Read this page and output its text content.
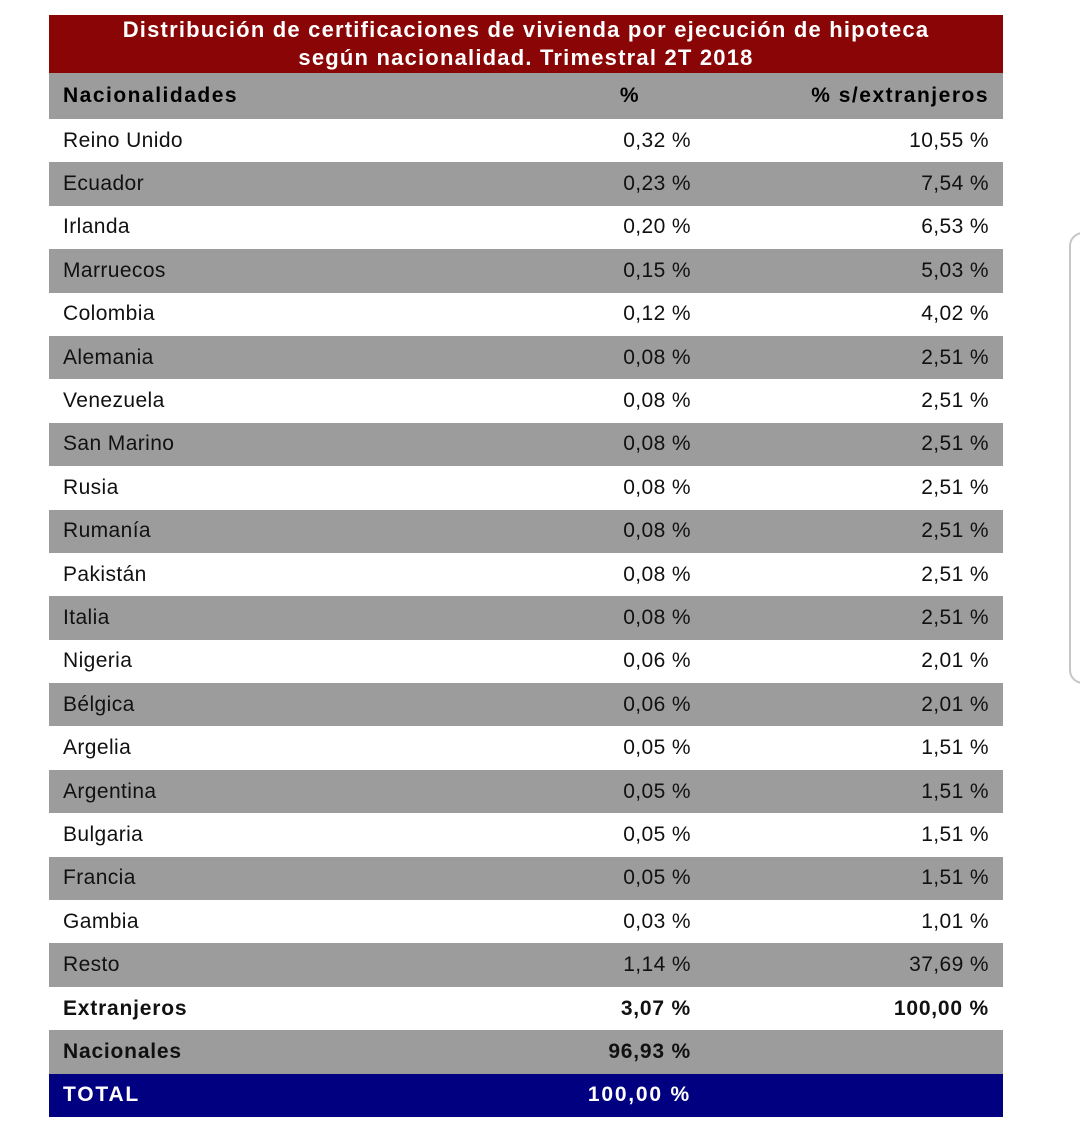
Distribución de certificaciones de vivienda por ejecución de hipoteca
según nacionalidad. Trimestral 2T 2018		

Nacionalidades	%	% s/extranjeros
Reino Unido	0,32 %	10,55 %
Ecuador	0,23 %	7,54 %
Irlanda	0,20 %	6,53 %
Marruecos	0,15 %	5,03 %
Colombia	0,12 %	4,02 %
Alemania	0,08 %	2,51 %
Venezuela	0,08 %	2,51 %
San Marino	0,08 %	2,51 %
Rusia	0,08 %	2,51 %
Rumanía	0,08 %	2,51 %
Pakistán	0,08 %	2,51 %
Italia	0,08 %	2,51 %
Nigeria	0,06 %	2,01 %
Bélgica	0,06 %	2,01 %
Argelia	0,05 %	1,51 %
Argentina	0,05 %	1,51 %
Bulgaria	0,05 %	1,51 %
Francia	0,05 %	1,51 %
Gambia	0,03 %	1,01 %
Resto	1,14 %	37,69 %
Extranjeros	3,07 %	100,00 %
Nacionales	96,93 %	
TOTAL	100,00 %	
